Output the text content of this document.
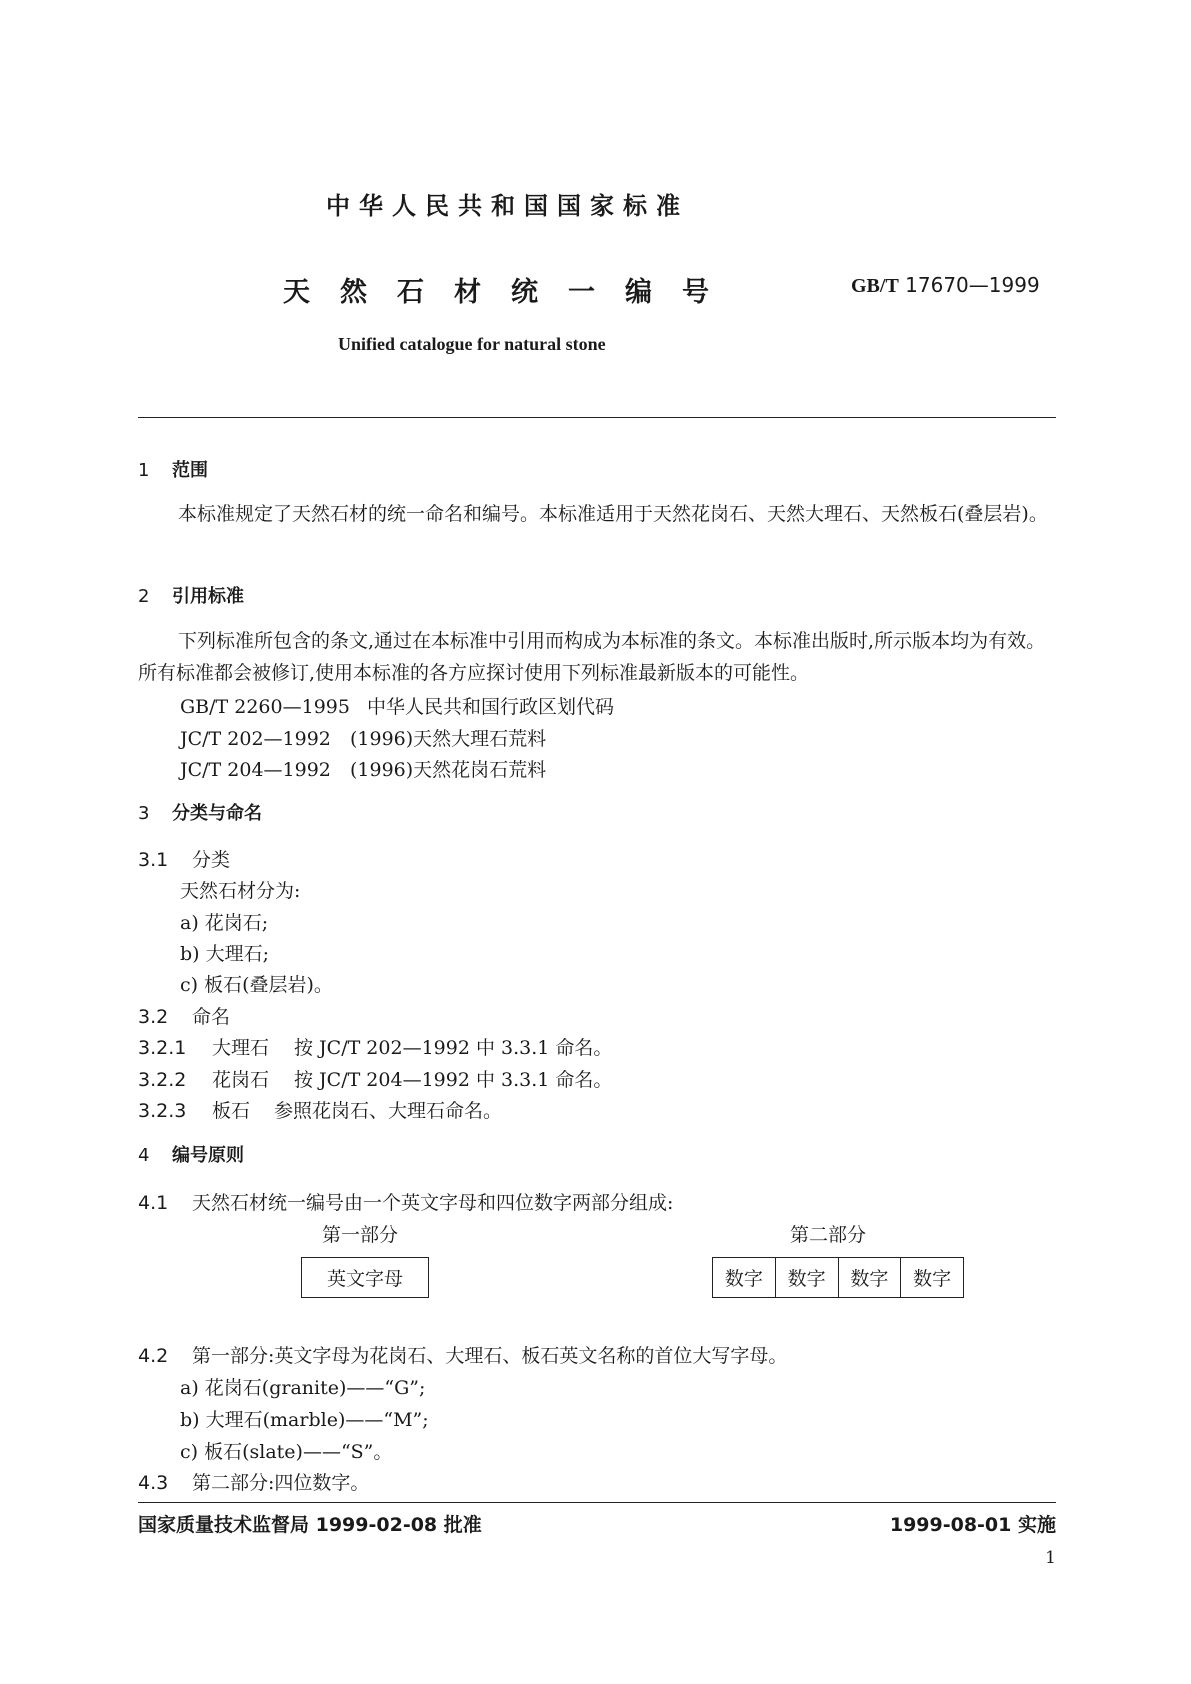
中华人民共和国国家标准
天然石材统一编号	GB/T 17670—1999
Unified catalogue for natural stone
1 范围
本标准规定了天然石材的统一命名和编号。本标准适用于天然花岗石、天然大理石、天然板石(叠层岩)。
2 引用标准
下列标准所包含的条文,通过在本标准中引用而构成为本标准的条文。本标准出版时,所示版本均为有效。所有标准都会被修订,使用本标准的各方应探讨使用下列标准最新版本的可能性。
GB/T 2260—1995 中华人民共和国行政区划代码
JC/T 202—1992 (1996)天然大理石荒料
JC/T 204—1992 (1996)天然花岗石荒料
3 分类与命名
3.1 分类
天然石材分为:
a) 花岗石;
b) 大理石;
c) 板石(叠层岩)。
3.2 命名
3.2.1 大理石 按 JC/T 202—1992 中 3.3.1 命名。
3.2.2 花岗石 按 JC/T 204—1992 中 3.3.1 命名。
3.2.3 板石 参照花岗石、大理石命名。
4 编号原则
4.1 天然石材统一编号由一个英文字母和四位数字两部分组成:
第一部分	第二部分
英文字母	数字	数字	数字	数字
4.2 第一部分:英文字母为花岗石、大理石、板石英文名称的首位大写字母。
a) 花岗石(granite)——“G”;
b) 大理石(marble)——“M”;
c) 板石(slate)——“S”。
4.3 第二部分:四位数字。
国家质量技术监督局 1999-02-08 批准	1999-08-01 实施
1
